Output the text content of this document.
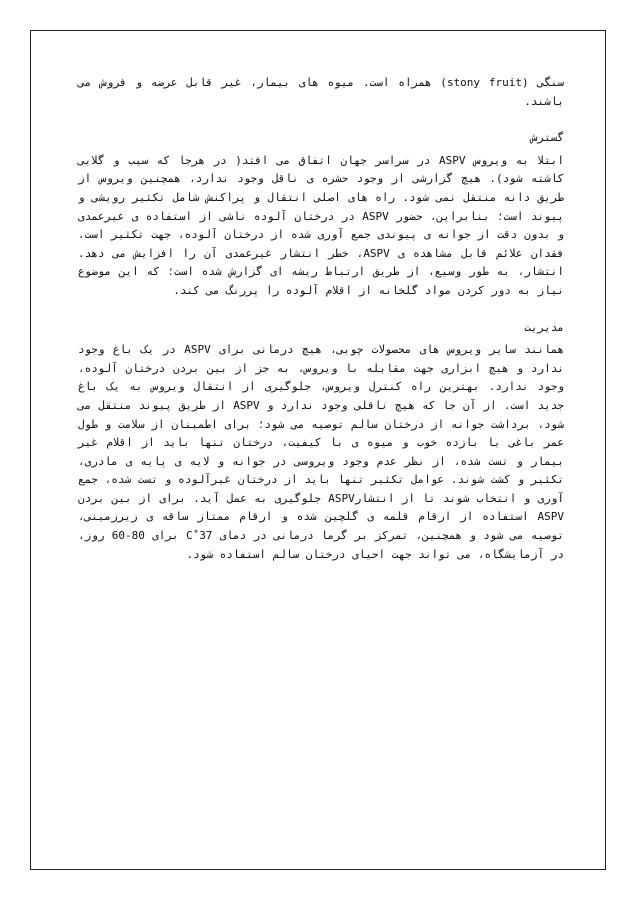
سنگی (stony fruit) همراه است. میوه های بیمار، غیر قابل عرضه و فروش می باشند.

گسترش

ابتلا به ویروس ASPV در سراسر جهان اتفاق می افتد( در هرجا که سیب و گلابی کاشته شود). هیچ گزارشی از وجود حشره ی ناقل وجود ندارد، همچنین ویروس از طریق دانه منتقل نمی شود. راه های اصلی انتقال و پراکنش شامل تکثیر رویشی و پیوند است؛ بنابراین، حضور ASPV در درختان آلوده ناشی از استفاده ی غیرعمدی و بدون دقت از جوانه ی پیوندی جمع آوری شده از درختان آلوده، جهت تکثیر است. فقدان علائم قابل مشاهده ی ASPV، خطر انتشار غیرعمدی آن را افزایش می دهد. انتشار، به طور وسیع، از طریق ارتباط ریشه ای گزارش شده است؛ که این موضوع نیاز به دور کردن مواد گلخانه از اقلام آلوده را پررنگ می کند.

مدیریت

همانند سایر ویروس های محصولات چوبی، هیچ درمانی برای ASPV در یک باغ وجود ندارد و هیچ ابزاری جهت مقابله با ویروس، به جز از بین بردن درختان آلوده، وجود ندارد. بهترین راه کنترل ویروس، جلوگیری از انتقال ویروس به یک باغ جدید است. از آن جا که هیچ ناقلی وجود ندارد و ASPV از طریق پیوند منتقل می شود، برداشت جوانه از درختان سالم توصیه می شود؛ برای اطمینان از سلامت و طول عمر باغی با بازده خوب و میوه ی با کیفیت، درختان تنها باید از اقلام غیر بیمار و تست شده، از نظر عدم وجود ویروسی در جوانه و لایه ی پایه ی مادری، تکثیر و کشت شوند. عوامل تکثیر تنها باید از درختان غیرآلوده و تست شده، جمع آوری و انتخاب شوند تا از انتشارASPV جلوگیری به عمل آید. برای از بین بردن ASPV استفاده از ارقام قلمه ی گلچین شده و ارقام ممتاز ساقه ی زیرزمینی، توصیه می شود و همچنین، تمرکز بر گرما درمانی در دمای 37˚C برای 80-60 روز، در آزمایشگاه، می تواند جهت احیای درختان سالم استفاده شود.
